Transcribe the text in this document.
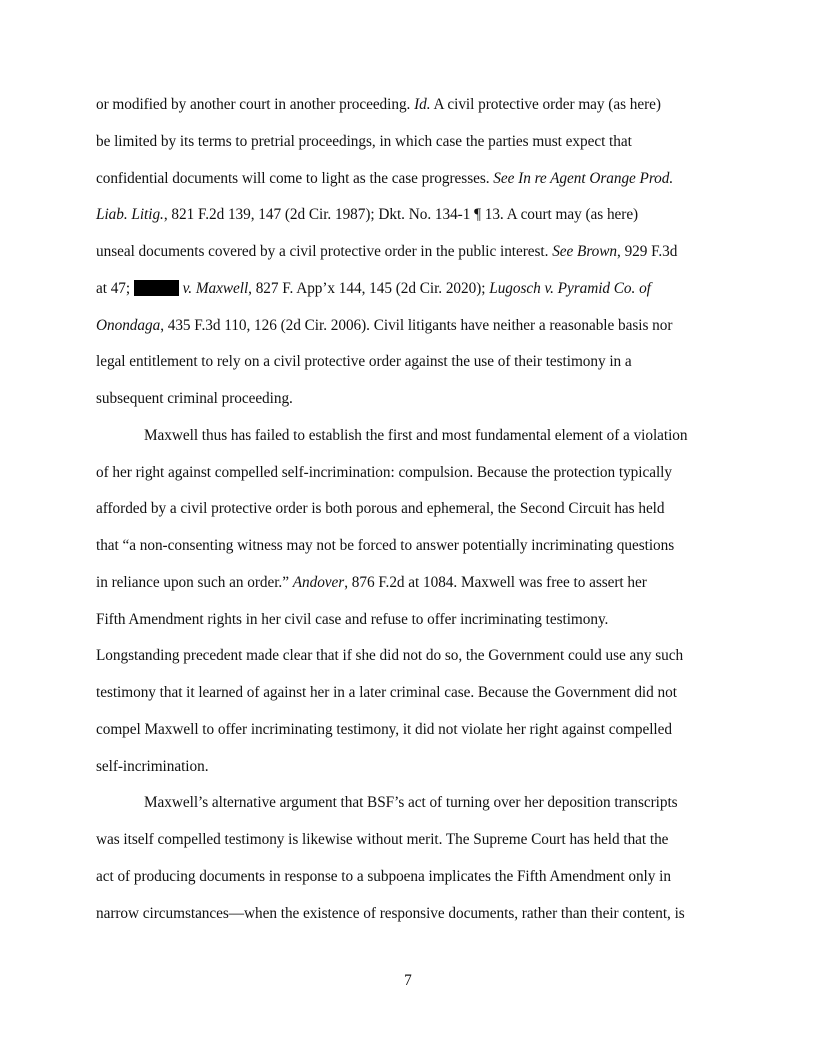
or modified by another court in another proceeding. Id. A civil protective order may (as here)
be limited by its terms to pretrial proceedings, in which case the parties must expect that
confidential documents will come to light as the case progresses. See In re Agent Orange Prod.
Liab. Litig., 821 F.2d 139, 147 (2d Cir. 1987); Dkt. No. 134-1 ¶ 13. A court may (as here)
unseal documents covered by a civil protective order in the public interest. See Brown, 929 F.3d
at 47;	v. Maxwell, 827 F. App’x 144, 145 (2d Cir. 2020); Lugosch v. Pyramid Co. of
Onondaga, 435 F.3d 110, 126 (2d Cir. 2006). Civil litigants have neither a reasonable basis nor
legal entitlement to rely on a civil protective order against the use of their testimony in a
subsequent criminal proceeding.
Maxwell thus has failed to establish the first and most fundamental element of a violation
of her right against compelled self-incrimination: compulsion. Because the protection typically
afforded by a civil protective order is both porous and ephemeral, the Second Circuit has held
that “a non-consenting witness may not be forced to answer potentially incriminating questions
in reliance upon such an order.” Andover, 876 F.2d at 1084. Maxwell was free to assert her
Fifth Amendment rights in her civil case and refuse to offer incriminating testimony.
Longstanding precedent made clear that if she did not do so, the Government could use any such
testimony that it learned of against her in a later criminal case. Because the Government did not
compel Maxwell to offer incriminating testimony, it did not violate her right against compelled
self-incrimination.
Maxwell’s alternative argument that BSF’s act of turning over her deposition transcripts
was itself compelled testimony is likewise without merit. The Supreme Court has held that the
act of producing documents in response to a subpoena implicates the Fifth Amendment only in
narrow circumstances—when the existence of responsive documents, rather than their content, is
7
